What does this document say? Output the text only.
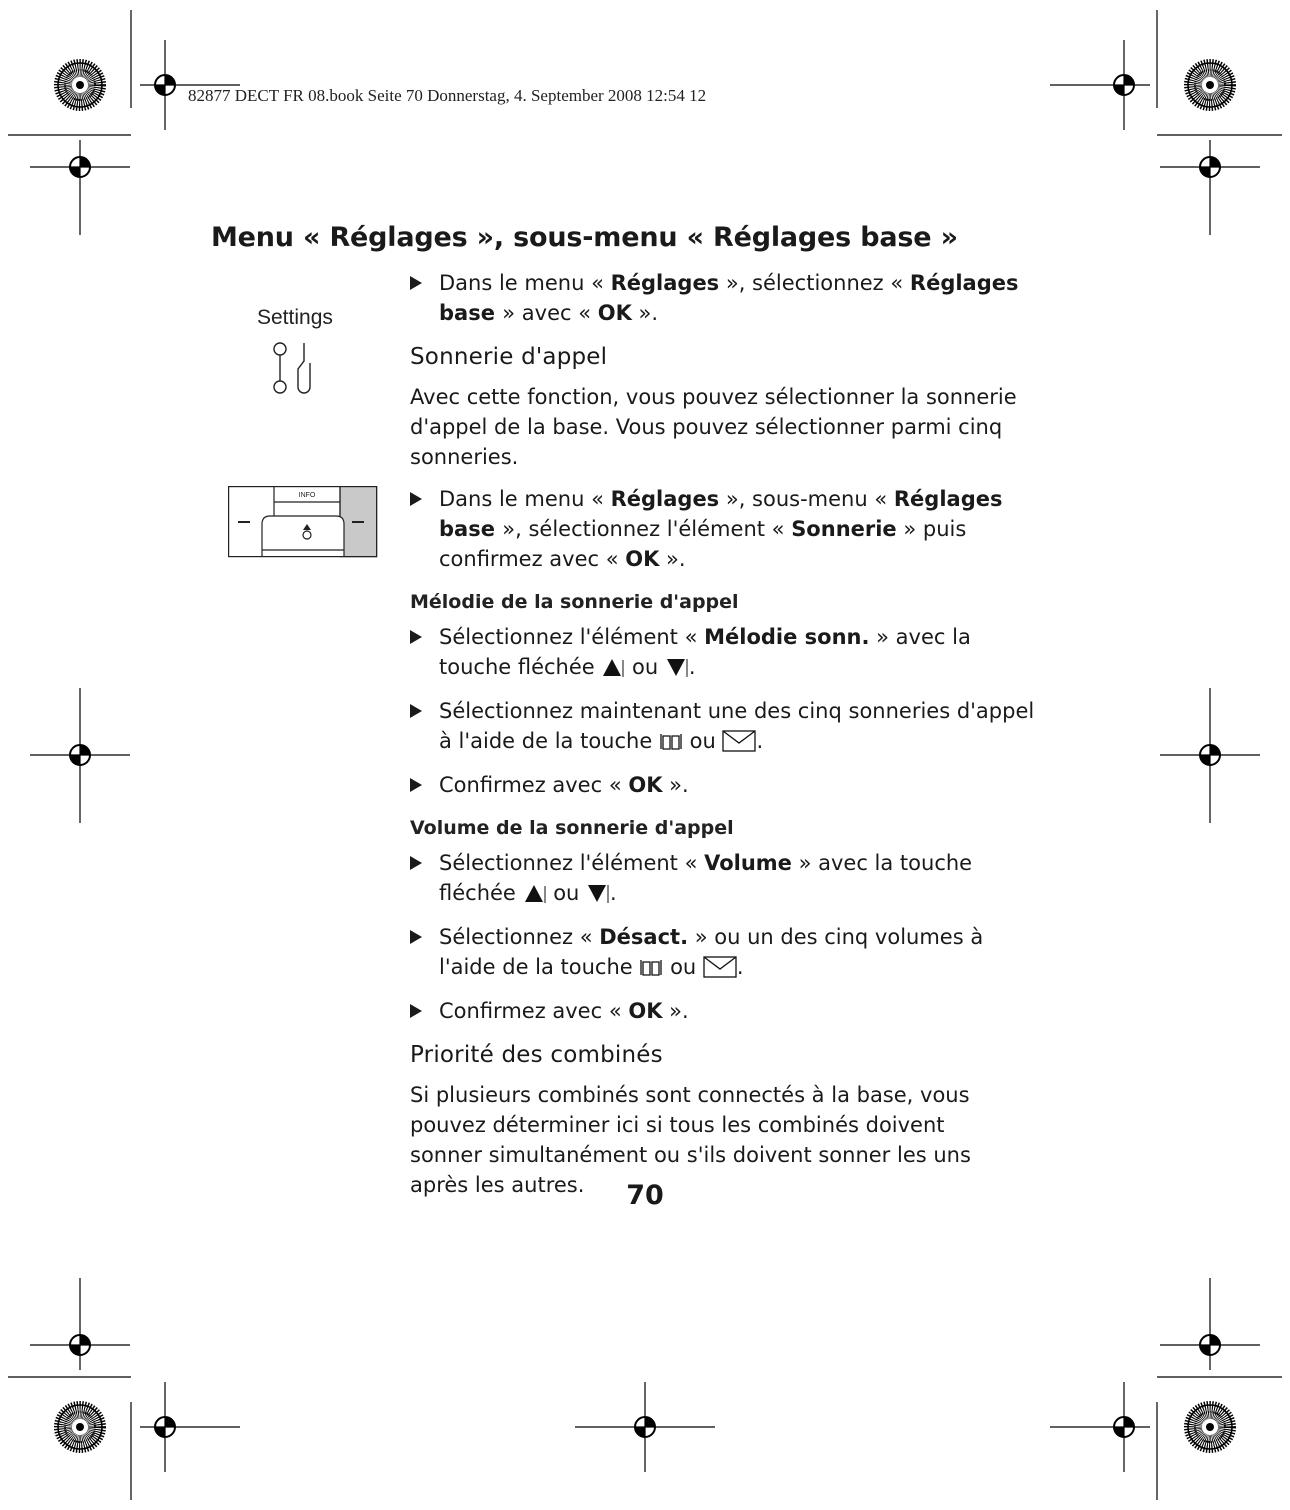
82877 DECT FR 08.book Seite 70 Donnerstag, 4. September 2008 12:54 12
Menu « Réglages », sous-menu « Réglages base »
Settings
INFO

Dans le menu « Réglages », sélectionnez « Réglages base » avec « OK ».

Sonnerie d'appel

Avec cette fonction, vous pouvez sélectionner la sonnerie d'appel de la base. Vous pouvez sélectionner parmi cinq sonneries.

Dans le menu « Réglages », sous-menu « Réglages base », sélectionnez l'élément « Sonnerie » puis confirmez avec « OK ».

Mélodie de la sonnerie d'appel

Sélectionnez l'élément « Mélodie sonn. » avec la touche fléchée  ou .

Sélectionnez maintenant une des cinq sonneries d'appel à l'aide de la touche  ou .

Confirmez avec « OK ».

Volume de la sonnerie d'appel

Sélectionnez l'élément « Volume » avec la touche fléchée  ou .

Sélectionnez « Désact. » ou un des cinq volumes à l'aide de la touche  ou .

Confirmez avec « OK ».

Priorité des combinés

Si plusieurs combinés sont connectés à la base, vous pouvez déterminer ici si tous les combinés doivent sonner simultanément ou s'ils doivent sonner les uns après les autres.	70
